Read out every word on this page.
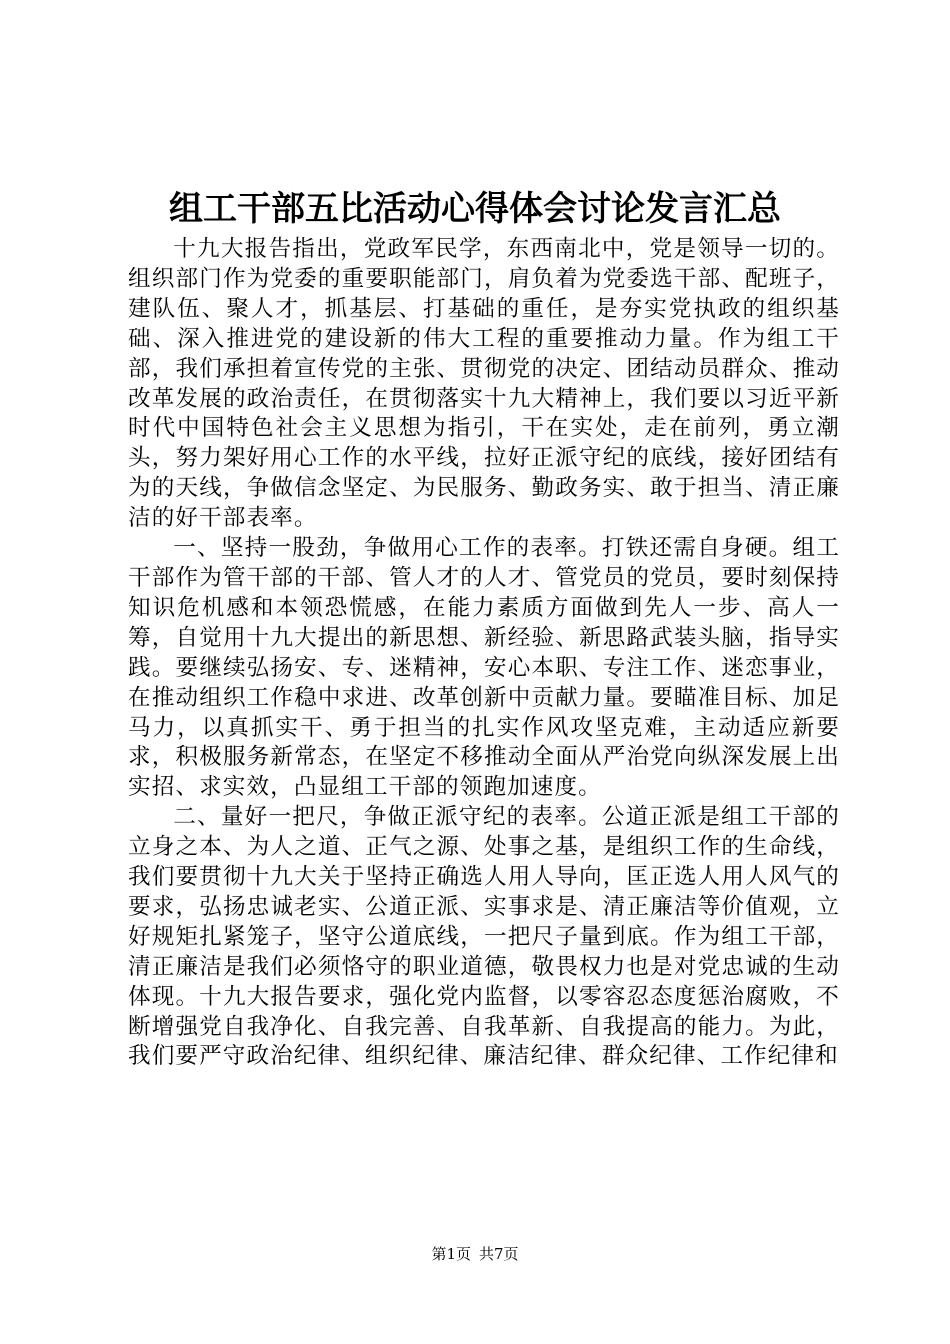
组工干部五比活动心得体会讨论发言汇总

十九大报告指出，党政军民学，东西南北中，党是领导一切的。组织部门作为党委的重要职能部门，肩负着为党委选干部、配班子，建队伍、聚人才，抓基层、打基础的重任，是夯实党执政的组织基础、深入推进党的建设新的伟大工程的重要推动力量。作为组工干部，我们承担着宣传党的主张、贯彻党的决定、团结动员群众、推动改革发展的政治责任，在贯彻落实十九大精神上，我们要以习近平新时代中国特色社会主义思想为指引，干在实处，走在前列，勇立潮头，努力架好用心工作的水平线，拉好正派守纪的底线，接好团结有为的天线，争做信念坚定、为民服务、勤政务实、敢于担当、清正廉洁的好干部表率。

一、坚持一股劲，争做用心工作的表率。打铁还需自身硬。组工干部作为管干部的干部、管人才的人才、管党员的党员，要时刻保持知识危机感和本领恐慌感，在能力素质方面做到先人一步、高人一筹，自觉用十九大提出的新思想、新经验、新思路武装头脑，指导实践。要继续弘扬安、专、迷精神，安心本职、专注工作、迷恋事业，在推动组织工作稳中求进、改革创新中贡献力量。要瞄准目标、加足马力，以真抓实干、勇于担当的扎实作风攻坚克难，主动适应新要求，积极服务新常态，在坚定不移推动全面从严治党向纵深发展上出实招、求实效，凸显组工干部的领跑加速度。

二、量好一把尺，争做正派守纪的表率。公道正派是组工干部的立身之本、为人之道、正气之源、处事之基，是组织工作的生命线，我们要贯彻十九大关于坚持正确选人用人导向，匡正选人用人风气的要求，弘扬忠诚老实、公道正派、实事求是、清正廉洁等价值观，立好规矩扎紧笼子，坚守公道底线，一把尺子量到底。作为组工干部，清正廉洁是我们必须恪守的职业道德，敬畏权力也是对党忠诚的生动体现。十九大报告要求，强化党内监督，以零容忍态度惩治腐败，不断增强党自我净化、自我完善、自我革新、自我提高的能力。为此，我们要严守政治纪律、组织纪律、廉洁纪律、群众纪律、工作纪律和

第1页 共7页
